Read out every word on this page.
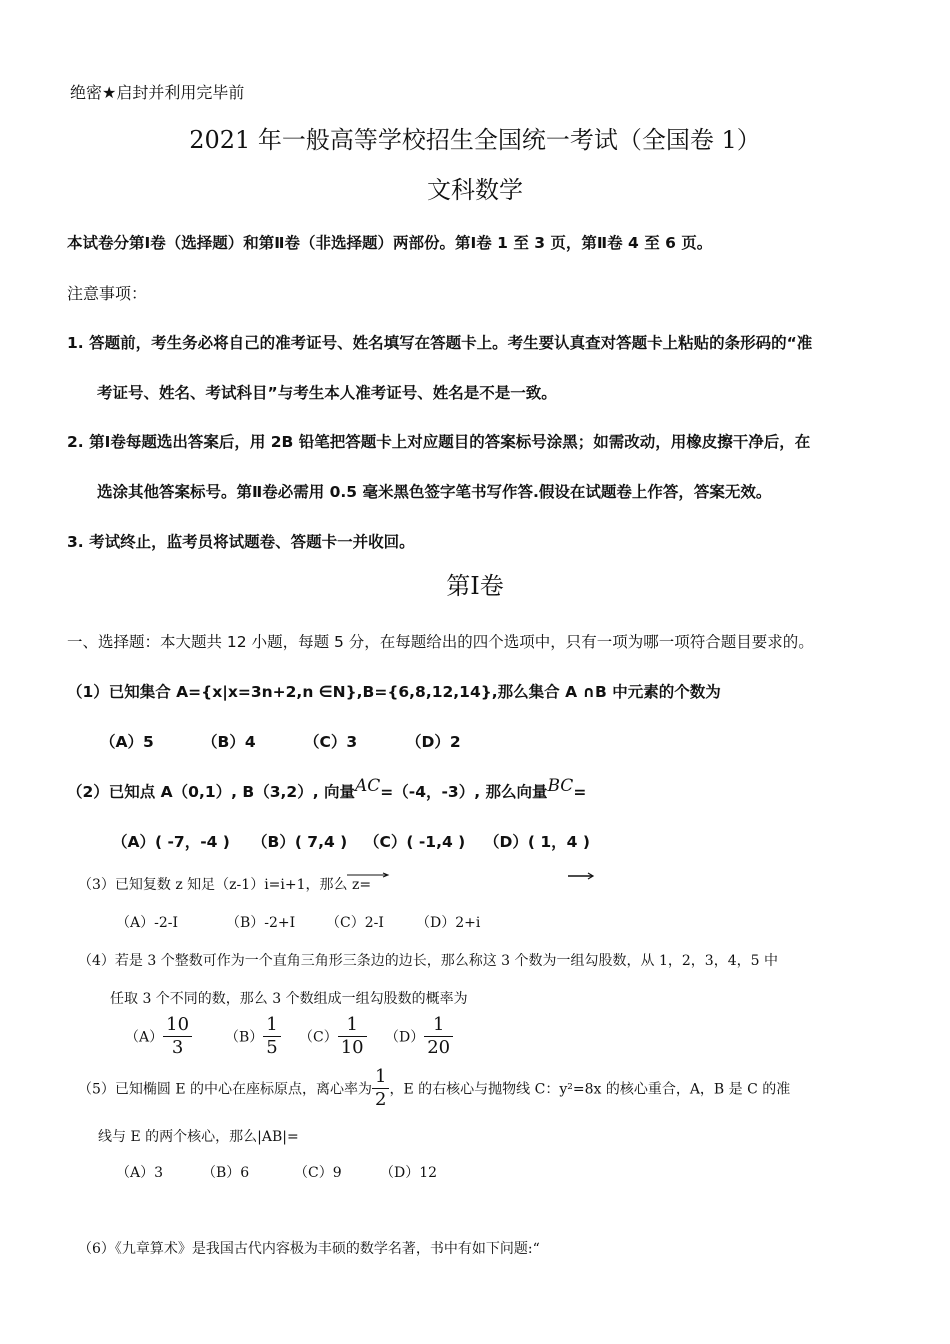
绝密★启封并利用完毕前
2021 年一般高等学校招生全国统一考试（全国卷 1）
文科数学
本试卷分第Ⅰ卷（选择题）和第Ⅱ卷（非选择题）两部份。第Ⅰ卷 1 至 3 页，第Ⅱ卷 4 至 6 页。
注意事项：
1. 答题前，考生务必将自己的准考证号、姓名填写在答题卡上。考生要认真查对答题卡上粘贴的条形码的“准
考证号、姓名、考试科目”与考生本人准考证号、姓名是不是一致。
2. 第Ⅰ卷每题选出答案后，用 2B 铅笔把答题卡上对应题目的答案标号涂黑；如需改动，用橡皮擦干净后，在
选涂其他答案标号。第Ⅱ卷必需用 0.5 毫米黑色签字笔书写作答.假设在试题卷上作答，答案无效。
3. 考试终止，监考员将试题卷、答题卡一并收回。
第Ⅰ卷
一、选择题：本大题共 12 小题，每题 5 分，在每题给出的四个选项中，只有一项为哪一项符合题目要求的。
（1）已知集合 A={x|x=3n+2,n ∈N},B={6,8,12,14},那么集合 A ∩B 中元素的个数为
（A）5	（B）4	（C）3	（D）2
（2）已知点 A（0,1）, B（3,2）, 向量AC=（-4，-3）, 那么向量BC=
（A）( -7，-4 ) （B）( 7,4 ) （C）( -1,4 ) （D）( 1，4 )
（3）已知复数 z 知足（z-1）i=i+1，那么 z=
（A）-2-I	（B）-2+I （C）2-I （D）2+i
（4）若是 3 个整数可作为一个直角三角形三条边的边长，那么称这 3 个数为一组勾股数，从 1，2，3，4，5 中
任取 3 个不同的数，那么 3 个数组成一组勾股数的概率为
$(A) \frac{10}{3} (B) \frac{1}{5} (C) \frac{1}{10} (D) \frac{1}{20}$
（5）已知椭圆 E 的中心在座标原点，离心率为 $\frac{1}{2}$ ，E 的右核心与抛物线 C：y²=8x 的核心重合，A，B 是 C 的准
线与 E 的两个核心，那么|AB|=
（A）3	（B）6	（C）9	（D）12
（6）《九章算术》是我国古代内容极为丰硕的数学名著，书中有如下问题:“
